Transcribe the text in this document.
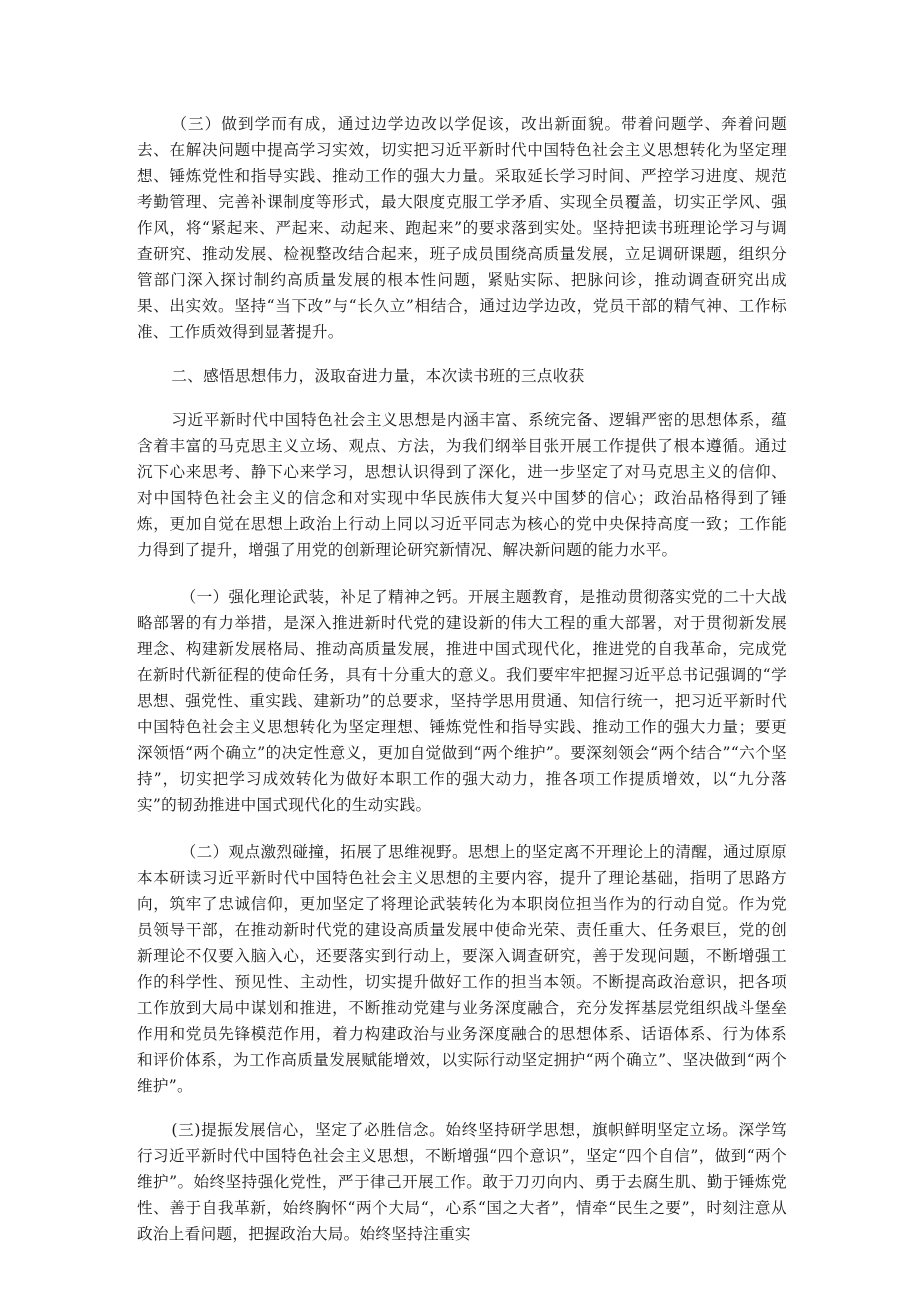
（三）做到学而有成，通过边学边改以学促该，改出新面貌。带着问题学、奔着问题去、在解决问题中提高学习实效，切实把习近平新时代中国特色社会主义思想转化为坚定理想、锤炼党性和指导实践、推动工作的强大力量。采取延长学习时间、严控学习进度、规范考勤管理、完善补课制度等形式，最大限度克服工学矛盾、实现全员覆盖，切实正学风、强作风，将“紧起来、严起来、动起来、跑起来”的要求落到实处。坚持把读书班理论学习与调查研究、推动发展、检视整改结合起来，班子成员围绕高质量发展，立足调研课题，组织分管部门深入探讨制约高质量发展的根本性问题，紧贴实际、把脉问诊，推动调查研究出成果、出实效。坚持“当下改”与“长久立”相结合，通过边学边改，党员干部的精气神、工作标准、工作质效得到显著提升。

二、感悟思想伟力，汲取奋进力量，本次读书班的三点收获

习近平新时代中国特色社会主义思想是内涵丰富、系统完备、逻辑严密的思想体系，蕴含着丰富的马克思主义立场、观点、方法，为我们纲举目张开展工作提供了根本遵循。通过沉下心来思考、静下心来学习，思想认识得到了深化，进一步坚定了对马克思主义的信仰、对中国特色社会主义的信念和对实现中华民族伟大复兴中国梦的信心；政治品格得到了锤炼，更加自觉在思想上政治上行动上同以习近平同志为核心的党中央保持高度一致；工作能力得到了提升，增强了用党的创新理论研究新情况、解决新问题的能力水平。

（一）强化理论武装，补足了精神之钙。开展主题教育，是推动贯彻落实党的二十大战略部署的有力举措，是深入推进新时代党的建设新的伟大工程的重大部署，对于贯彻新发展理念、构建新发展格局、推动高质量发展，推进中国式现代化，推进党的自我革命，完成党在新时代新征程的使命任务，具有十分重大的意义。我们要牢牢把握习近平总书记强调的“学思想、强党性、重实践、建新功”的总要求，坚持学思用贯通、知信行统一，把习近平新时代中国特色社会主义思想转化为坚定理想、锤炼党性和指导实践、推动工作的强大力量；要更深领悟“两个确立”的决定性意义，更加自觉做到“两个维护”。要深刻领会“两个结合”“六个坚持”，切实把学习成效转化为做好本职工作的强大动力，推各项工作提质增效，以“九分落实”的韧劲推进中国式现代化的生动实践。

（二）观点激烈碰撞，拓展了思维视野。思想上的坚定离不开理论上的清醒，通过原原本本研读习近平新时代中国特色社会主义思想的主要内容，提升了理论基础，指明了思路方向，筑牢了忠诚信仰，更加坚定了将理论武装转化为本职岗位担当作为的行动自觉。作为党员领导干部，在推动新时代党的建设高质量发展中使命光荣、责任重大、任务艰巨，党的创新理论不仅要入脑入心，还要落实到行动上，要深入调查研究，善于发现问题，不断增强工作的科学性、预见性、主动性，切实提升做好工作的担当本领。不断提高政治意识，把各项工作放到大局中谋划和推进，不断推动党建与业务深度融合，充分发挥基层党组织战斗堡垒作用和党员先锋模范作用，着力构建政治与业务深度融合的思想体系、话语体系、行为体系和评价体系，为工作高质量发展赋能增效，以实际行动坚定拥护“两个确立”、坚决做到“两个维护”。

(三)提振发展信心，坚定了必胜信念。始终坚持研学思想，旗帜鲜明坚定立场。深学笃行习近平新时代中国特色社会主义思想，不断增强“四个意识”，坚定“四个自信”，做到“两个维护”。始终坚持强化党性，严于律己开展工作。敢于刀刃向内、勇于去腐生肌、勤于锤炼党性、善于自我革新，始终胸怀“两个大局“，心系“国之大者”，情牵“民生之要”，时刻注意从政治上看问题，把握政治大局。始终坚持注重实
